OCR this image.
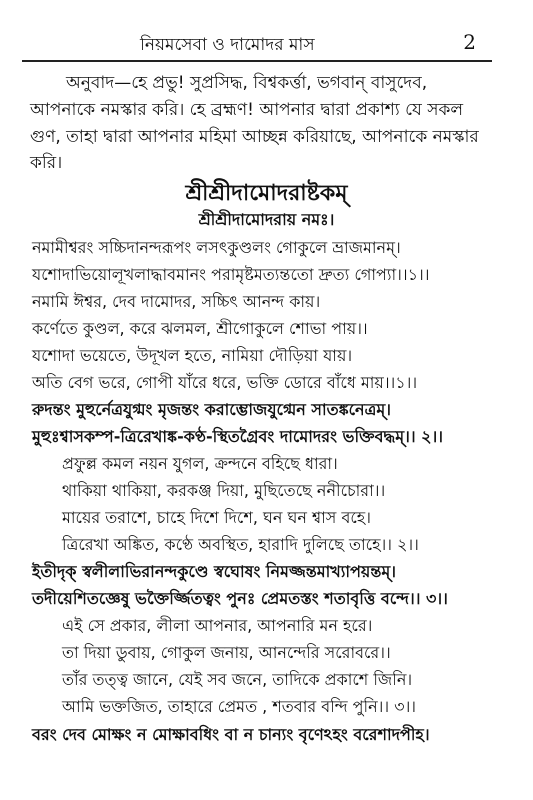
নিয়মসেবা ও দামোদর মাস	2
অনুবাদ—হে প্রভু! সুপ্রসিদ্ধ, বিশ্বকর্ত্তা, ভগবান্ বাসুদেব,
আপনাকে নমস্কার করি। হে ব্রহ্মণ! আপনার দ্বারা প্রকাশ্য যে সকল
গুণ, তাহা দ্বারা আপনার মহিমা আচ্ছন্ন করিয়াছে, আপনাকে নমস্কার
করি।
শ্রীশ্রীদামোদরাষ্টকম্
শ্রীশ্রীদামোদরায় নমঃ।
নমামীশ্বরং সচ্চিদানন্দরূপং লসৎকুণ্ডলং গোকুলে ভ্রাজমানম্।
যশোদাভিয়োলূখলাদ্ধাবমানং পরামৃষ্টমত্যন্ততো দ্রুত্য গোপ্যা।।১।।
নমামি ঈশ্বর, দেব দামোদর, সচ্চিৎ আনন্দ কায়।
কর্ণেতে কুণ্ডল, করে ঝলমল, শ্রীগোকুলে শোভা পায়।।
যশোদা ভয়েতে, উদূখল হতে, নামিয়া দৌড়িয়া যায়।
অতি বেগ ভরে, গোপী যাঁরে ধরে, ভক্তি ডোরে বাঁধে মায়।।১।।
রুদন্তং মুহুর্নেত্রযুগ্মং মৃজন্তং করাম্ভোজযুগ্মেন সাতঙ্কনেত্রম্।
মুহুঃশ্বাসকম্প-ত্রিরেখাঙ্ক-কণ্ঠ-স্থিতগ্রৈবং দামোদরং ভক্তিবদ্ধম্।। ২।।
প্রফুল্ল কমল নয়ন যুগল, ক্রন্দনে বহিছে ধারা।
থাকিয়া থাকিয়া, করকঞ্জ দিয়া, মুছিতেছে ননীচোরা।।
মায়ের তরাশে, চাহে দিশে দিশে, ঘন ঘন শ্বাস বহে।
ত্রিরেখা অঙ্কিত, কণ্ঠে অবস্থিত, হারাদি দুলিছে তাহে।। ২।।
ইতীদৃক্ স্বলীলাভিরানন্দকুণ্ডে স্বঘোষং নিমজ্জন্তমাখ্যাপয়ন্তম্।
তদীয়েশিতজ্ঞেষু ভক্তৈর্জ্জিতত্বং পুনঃ প্রেমতস্তং শতাবৃত্তি বন্দে।। ৩।।
এই সে প্রকার, লীলা আপনার, আপনারি মন হরে।
তা দিয়া ডুবায়, গোকুল জনায়, আনন্দেরি সরোবরে।।
তাঁর তত্ত্ব জানে, যেই সব জনে, তাদিকে প্রকাশে জিনি।
আমি ভক্তজিত, তাহারে প্রেমত , শতবার বন্দি পুনি।। ৩।।
বরং দেব মোক্ষং ন মোক্ষাবধিং বা ন চান্যং বৃণেঽহং বরেশাদপীহ।
